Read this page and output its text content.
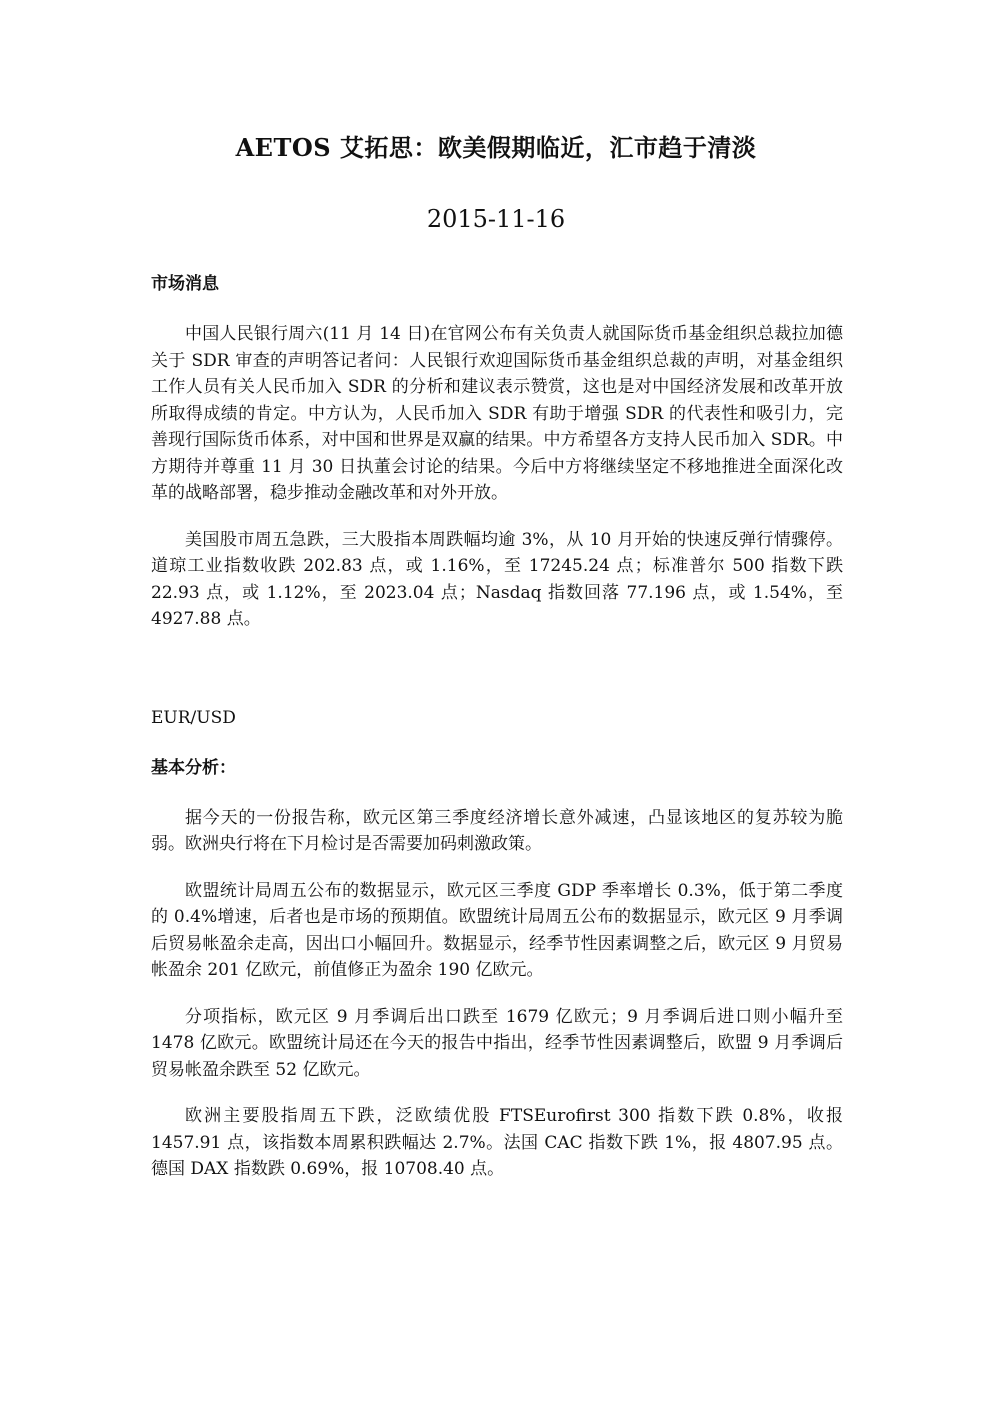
AETOS 艾拓思：欧美假期临近，汇市趋于清淡
2015-11-16

市场消息

中国人民银行周六(11 月 14 日)在官网公布有关负责人就国际货币基金组织总裁拉加德关于 SDR 审查的声明答记者问：人民银行欢迎国际货币基金组织总裁的声明，对基金组织工作人员有关人民币加入 SDR 的分析和建议表示赞赏，这也是对中国经济发展和改革开放所取得成绩的肯定。中方认为，人民币加入 SDR 有助于增强 SDR 的代表性和吸引力，完善现行国际货币体系，对中国和世界是双赢的结果。中方希望各方支持人民币加入 SDR。中方期待并尊重 11 月 30 日执董会讨论的结果。今后中方将继续坚定不移地推进全面深化改革的战略部署，稳步推动金融改革和对外开放。

美国股市周五急跌，三大股指本周跌幅均逾 3%，从 10 月开始的快速反弹行情骤停。道琼工业指数收跌 202.83 点，或 1.16%，至 17245.24 点；标准普尔 500 指数下跌 22.93 点，或 1.12%，至 2023.04 点；Nasdaq 指数回落 77.196 点，或 1.54%，至 4927.88 点。

EUR/USD

基本分析：

据今天的一份报告称，欧元区第三季度经济增长意外减速，凸显该地区的复苏较为脆弱。欧洲央行将在下月检讨是否需要加码刺激政策。

欧盟统计局周五公布的数据显示，欧元区三季度 GDP 季率增长 0.3%，低于第二季度的 0.4%增速，后者也是市场的预期值。欧盟统计局周五公布的数据显示，欧元区 9 月季调后贸易帐盈余走高，因出口小幅回升。数据显示，经季节性因素调整之后，欧元区 9 月贸易帐盈余 201 亿欧元，前值修正为盈余 190 亿欧元。

分项指标，欧元区 9 月季调后出口跌至 1679 亿欧元；9 月季调后进口则小幅升至 1478 亿欧元。欧盟统计局还在今天的报告中指出，经季节性因素调整后，欧盟 9 月季调后贸易帐盈余跌至 52 亿欧元。

欧洲主要股指周五下跌，泛欧绩优股 FTSEurofirst 300 指数下跌 0.8%，收报 1457.91 点，该指数本周累积跌幅达 2.7%。法国 CAC 指数下跌 1%，报 4807.95 点。德国 DAX 指数跌 0.69%，报 10708.40 点。
